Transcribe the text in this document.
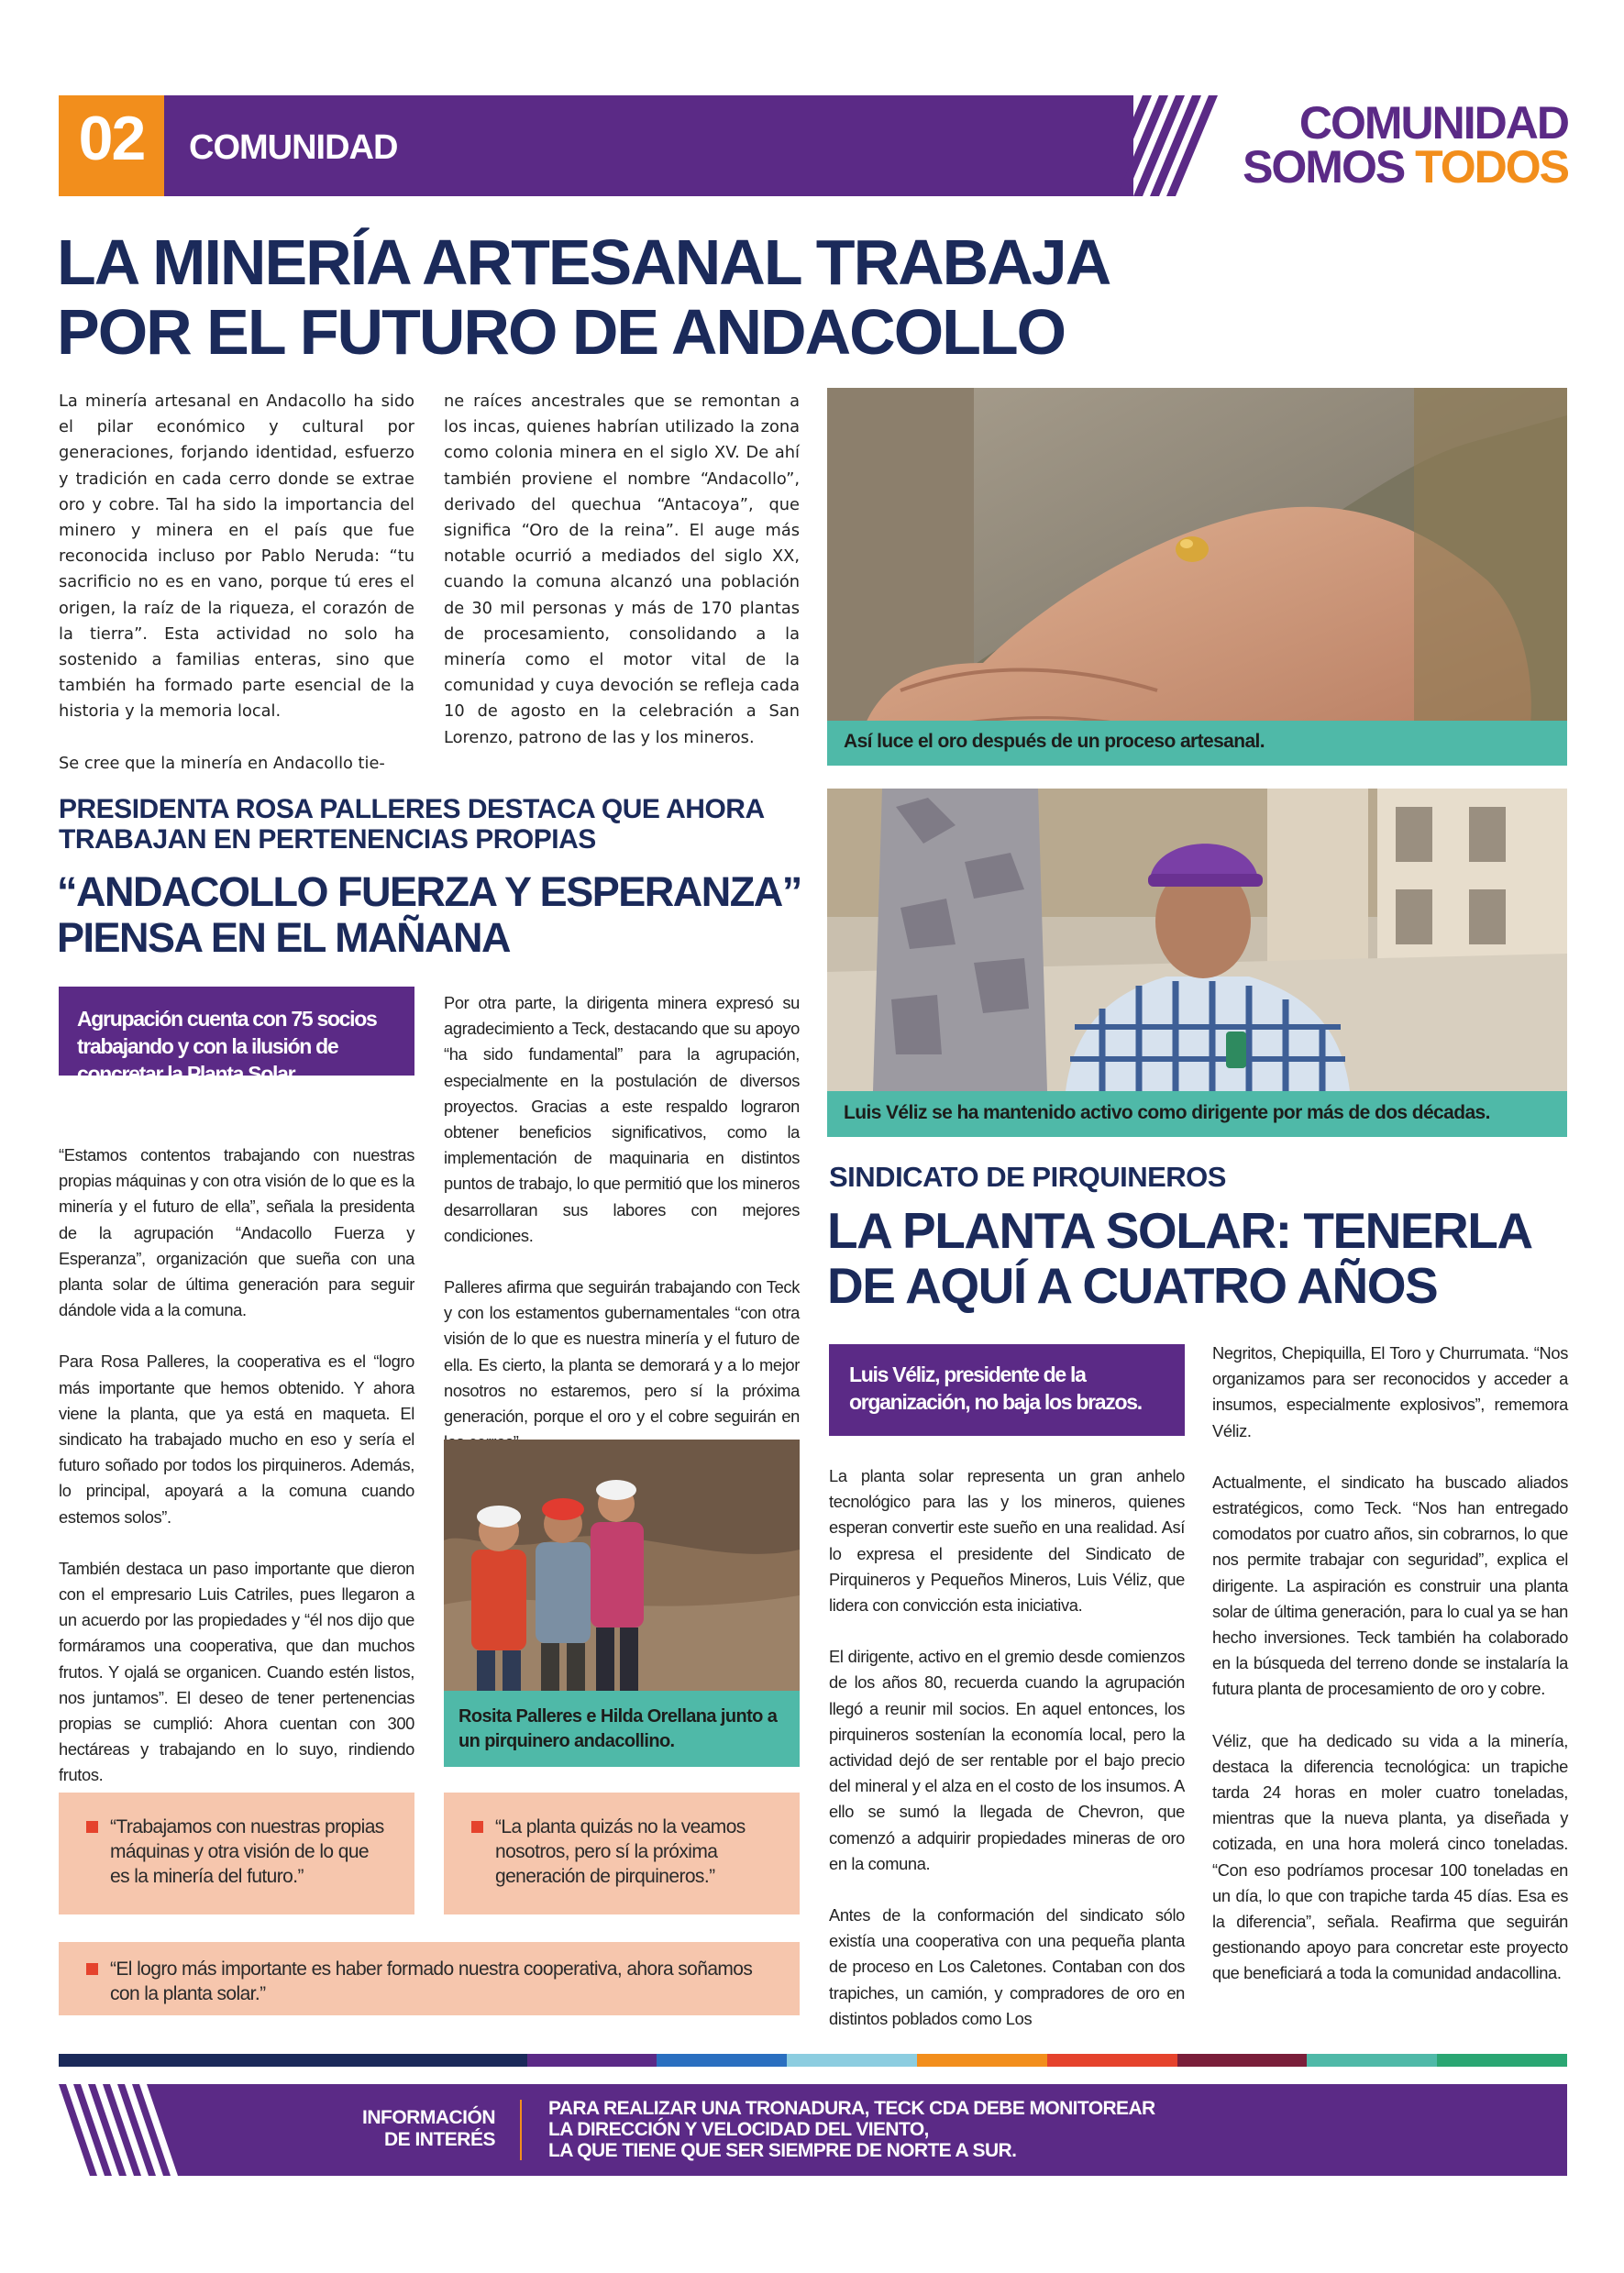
02	COMUNIDAD	COMUNIDAD
SOMOS TODOS
LA MINERÍA ARTESANAL TRABAJA
POR EL FUTURO DE ANDACOLLO

La minería artesanal en Andacollo ha sido el pilar económico y cultural por generaciones, forjando identidad, esfuerzo y tradición en cada cerro donde se extrae oro y cobre. Tal ha sido la importancia del minero y minera en el país que fue reconocida incluso por Pablo Neruda: “tu sacrificio no es en vano, porque tú eres el origen, la raíz de la riqueza, el corazón de la tierra”. Esta actividad no solo ha sostenido a familias enteras, sino que también ha formado parte esencial de la historia y la memoria local.

Se cree que la minería en Andacollo tie-

ne raíces ancestrales que se remontan a los incas, quienes habrían utilizado la zona como colonia minera en el siglo XV. De ahí también proviene el nombre “Andacollo”, derivado del quechua “Antacoya”, que significa “Oro de la reina”. El auge más notable ocurrió a mediados del siglo XX, cuando la comuna alcanzó una población de 30 mil personas y más de 170 plantas de procesamiento, consolidando a la minería como el motor vital de la comunidad y cuya devoción se refleja cada 10 de agosto en la celebración a San Lorenzo, patrono de las y los mineros.	Así luce el oro después de un proceso artesanal.
PRESIDENTA ROSA PALLERES DESTACA QUE AHORA
TRABAJAN EN PERTENENCIAS PROPIAS
“ANDACOLLO FUERZA Y ESPERANZA”
PIENSA EN EL MAÑANA
Agrupación cuenta con 75 socios trabajando y con la ilusión de concretar la Planta Solar.

“Estamos contentos trabajando con nuestras propias máquinas y con otra visión de lo que es la minería y el futuro de ella”, señala la presidenta de la agrupación “Andacollo Fuerza y Esperanza”, organización que sueña con una planta solar de última generación para seguir dándole vida a la comuna.

Para Rosa Palleres, la cooperativa es el “logro más importante que hemos obtenido. Y ahora viene la planta, que ya está en maqueta. El sindicato ha trabajado mucho en eso y sería el futuro soñado por todos los pirquineros. Además, lo principal, apoyará a la comuna cuando estemos solos”.

También destaca un paso importante que dieron con el empresario Luis Catriles, pues llegaron a un acuerdo por las propiedades y “él nos dijo que formáramos una cooperativa, que dan muchos frutos. Y ojalá se organicen. Cuando estén listos, nos juntamos”. El deseo de tener pertenencias propias se cumplió: Ahora cuentan con 300 hectáreas y trabajando en lo suyo, rindiendo frutos.

Por otra parte, la dirigenta minera expresó su agradecimiento a Teck, destacando que su apoyo “ha sido fundamental” para la agrupación, especialmente en la postulación de diversos proyectos. Gracias a este respaldo lograron obtener beneficios significativos, como la implementación de maquinaria en distintos puntos de trabajo, lo que permitió que los mineros desarrollaran sus labores con mejores condiciones.

Palleres afirma que seguirán trabajando con Teck y con los estamentos gubernamentales “con otra visión de lo que es nuestra minería y el futuro de ella. Es cierto, la planta se demorará y a lo mejor nosotros no estaremos, pero sí la próxima generación, porque el oro y el cobre seguirán en

Rosita Palleres e Hilda Orellana junto a un pirquinero andacollino.
“Trabajamos con nuestras propias máquinas y otra visión de lo que es la minería del futuro.”
“La planta quizás no la veamos nosotros, pero sí la próxima generación de pirquineros.”
“El logro más importante es haber formado nuestra cooperativa, ahora soñamos con la planta solar.”
Luis Véliz se ha mantenido activo como dirigente por más de dos décadas.
SINDICATO DE PIRQUINEROS
LA PLANTA SOLAR: TENERLA
DE AQUÍ A CUATRO AÑOS
Luis Véliz, presidente de la organización, no baja los brazos.

La planta solar representa un gran anhelo tecnológico para las y los mineros, quienes esperan convertir este sueño en una realidad. Así lo expresa el presidente del Sindicato de Pirquineros y Pequeños Mineros, Luis Véliz, que lidera con convicción esta iniciativa.

El dirigente, activo en el gremio desde comienzos de los años 80, recuerda cuando la agrupación llegó a reunir mil socios. En aquel entonces, los pirquineros sostenían la economía local, pero la actividad dejó de ser rentable por el bajo precio del mineral y el alza en el costo de los insumos. A ello se sumó la llegada de Chevron, que comenzó a adquirir propiedades mineras de oro en la comuna.

Antes de la conformación del sindicato sólo existía una cooperativa con una pequeña planta de proceso en Los Caletones. Contaban con dos trapiches, un camión, y compradores de oro en distintos poblados como Los

Negritos, Chepiquilla, El Toro y Churrumata. “Nos organizamos para ser reconocidos y acceder a insumos, especialmente explosivos”, rememora Véliz.

Actualmente, el sindicato ha buscado aliados estratégicos, como Teck. “Nos han entregado comodatos por cuatro años, sin cobrarnos, lo que nos permite trabajar con seguridad”, explica el dirigente. La aspiración es construir una planta solar de última generación, para lo cual ya se han hecho inversiones. Teck también ha colaborado en la búsqueda del terreno donde se instalaría la futura planta de procesamiento de oro y cobre.

Véliz, que ha dedicado su vida a la minería, destaca la diferencia tecnológica: un trapiche tarda 24 horas en moler cuatro toneladas, mientras que la nueva planta, ya diseñada y cotizada, en una hora molerá cinco toneladas. “Con eso podríamos procesar 100 toneladas en un día, lo que con trapiche tarda 45 días. Esa es la diferencia”, señala. Reafirma que seguirán gestionando apoyo para concretar este proyecto que beneficiará a toda la comunidad andacollina.

INFORMACIÓN
DE INTERÉS
PARA REALIZAR UNA TRONADURA, TECK CDA DEBE MONITOREAR
LA DIRECCIÓN Y VELOCIDAD DEL VIENTO,
LA QUE TIENE QUE SER SIEMPRE DE NORTE A SUR.
